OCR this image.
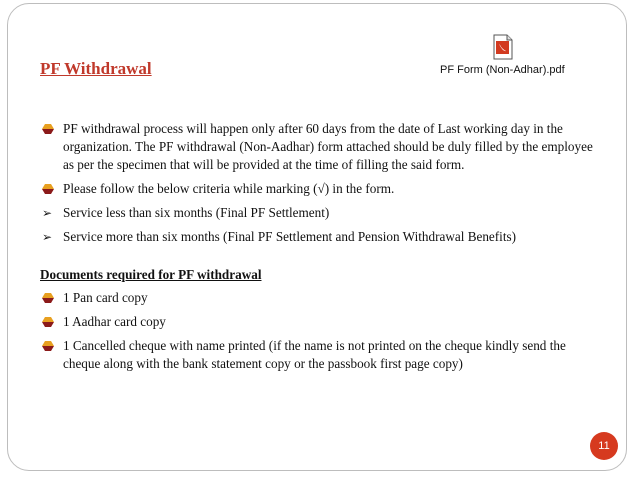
PF Withdrawal	PF Form (Non-Adhar).pdf
PF withdrawal process will happen only after 60 days from the date of Last working day in the organization. The PF withdrawal (Non-Aadhar) form attached should be duly filled by the employee as per the specimen that will be provided at the time of filling the said form.
Please follow the below criteria while marking (√) in the form.
➢ Service less than six months (Final PF Settlement)
➢ Service more than six months (Final PF Settlement and Pension Withdrawal Benefits)
Documents required for PF withdrawal
1 Pan card copy
1 Aadhar card copy
1 Cancelled cheque with name printed (if the name is not printed on the cheque kindly send the cheque along with the bank statement copy or the passbook first page copy)
11
